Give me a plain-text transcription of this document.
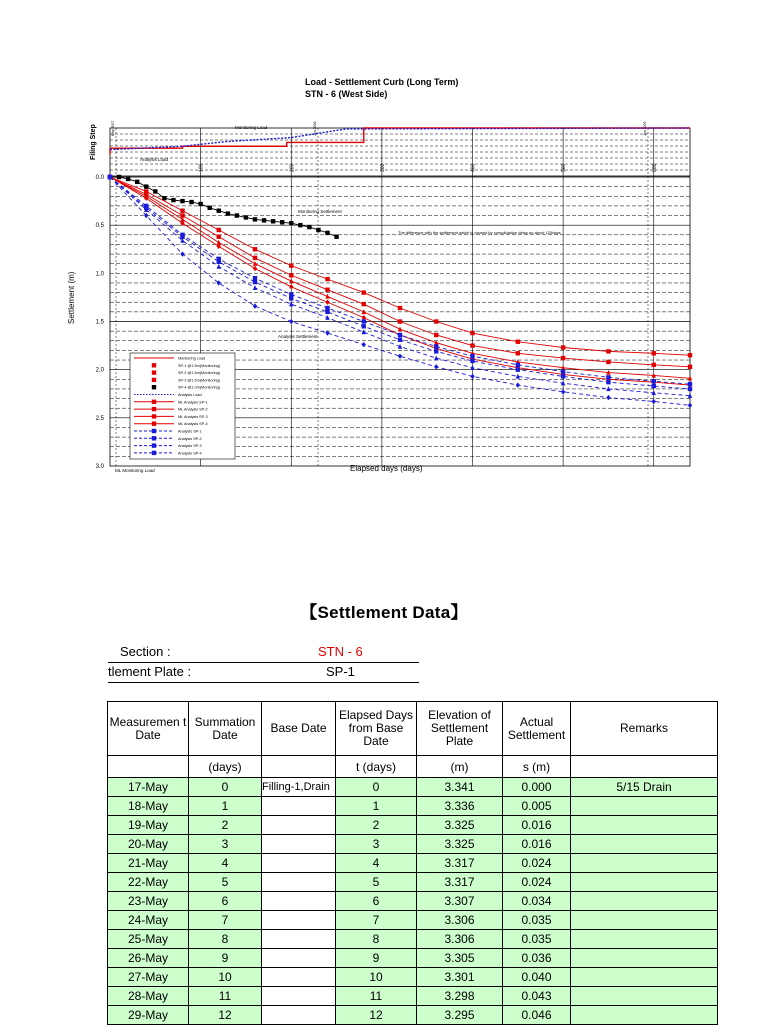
Load - Settlement Curb (Long Term)
STN - 6 (West Side)
May 2007	Jan 2008	Jan 2009
Filing Step
0.0
0.5
1.0
1.5
2.0
2.5
3.0
100	200	300	400	500	600
Settlement (m)
Elapsed days (days)
Monitoring Settlement
The difference with the settlement which is caused by consolidation delay on about 120days
Analysis Settlement
Monitoring Load
Analysis Load
ML Monitoring Load
Monitoring Load
SP-1 @1.5m(Monitoring)
SP-2 @1.5m(Monitoring)
SP-3 @1.5m(Monitoring)
SP-4 @1.0m(Monitoring)
Analysis Load
ML Analysis SP-1
ML Analysis SP-2
ML Analysis SP-3
ML Analysis SP-4
Analysis SP-1
Analysis SP-2
Analysis SP-3
Analysis SP-4
【Settlement Data】
Section :	STN - 6
tlement Plate :	SP-1
Measuremen t Date	Summation Date	Base Date	Elapsed Days from Base Date	Elevation of Settlement Plate	Actual Settlement	Remarks
	(days)		t (days)	(m)	s (m)	
17-May	0	Filling-1,Drain	0	3.341	0.000	5/15 Drain
18-May	1		1	3.336	0.005	
19-May	2		2	3.325	0.016	
20-May	3		3	3.325	0.016	
21-May	4		4	3.317	0.024	
22-May	5		5	3.317	0.024	
23-May	6		6	3.307	0.034	
24-May	7		7	3.306	0.035	
25-May	8		8	3.306	0.035	
26-May	9		9	3.305	0.036	
27-May	10		10	3.301	0.040	
28-May	11		11	3.298	0.043	
29-May	12		12	3.295	0.046	
